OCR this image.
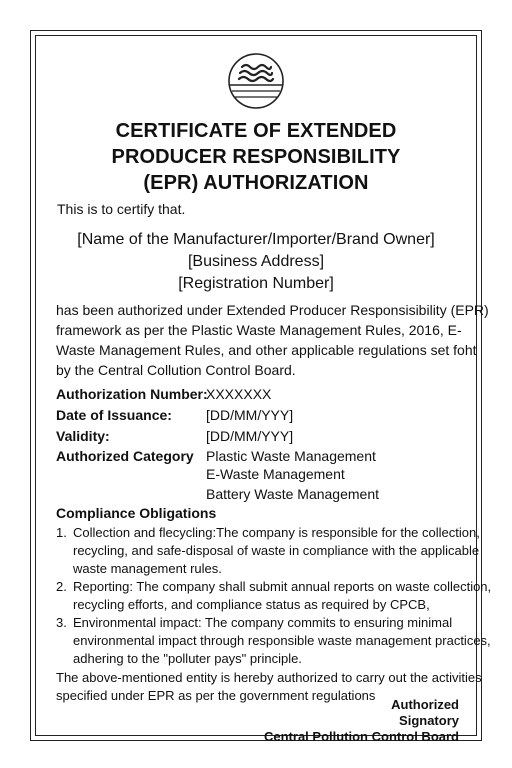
CERTIFICATE OF EXTENDED
PRODUCER RESPONSIBILITY
(EPR) AUTHORIZATION
This is to certify that.
[Name of the Manufacturer/Importer/Brand Owner]
[Business Address]
[Registration Number]
has been authorized under Extended Producer Responsisibility (EPR)
framework as per the Plastic Waste Management Rules, 2016, E-
Waste Management Rules, and other applicable regulations set foht
by the Central Collution Control Board.
Authorization Number:
XXXXXXX
Date of Issuance: [DD/MM/YYY]
Validity:	[DD/MM/YYY]
Authorized Category Plastic Waste Management
E-Waste Management
Battery Waste Management
Compliance Obligations
1. Collection and flecycling:The company is responsible for the collection,
recycling, and safe-disposal of waste in compliance with the applicable
waste management rules.
2. Reporting: The company shall submit annual reports on waste collection,
recycling efforts, and compliance status as required by CPCB,
3. Environmental impact: The company commits to ensuring minimal
environmental impact through responsible waste management practices,
adhering to the "polluter pays" principle.
The above-mentioned entity is hereby authorized to carry out the activities
specified under EPR as per the government regulations
Authorized
Signatory
Central Pollution Control Board
